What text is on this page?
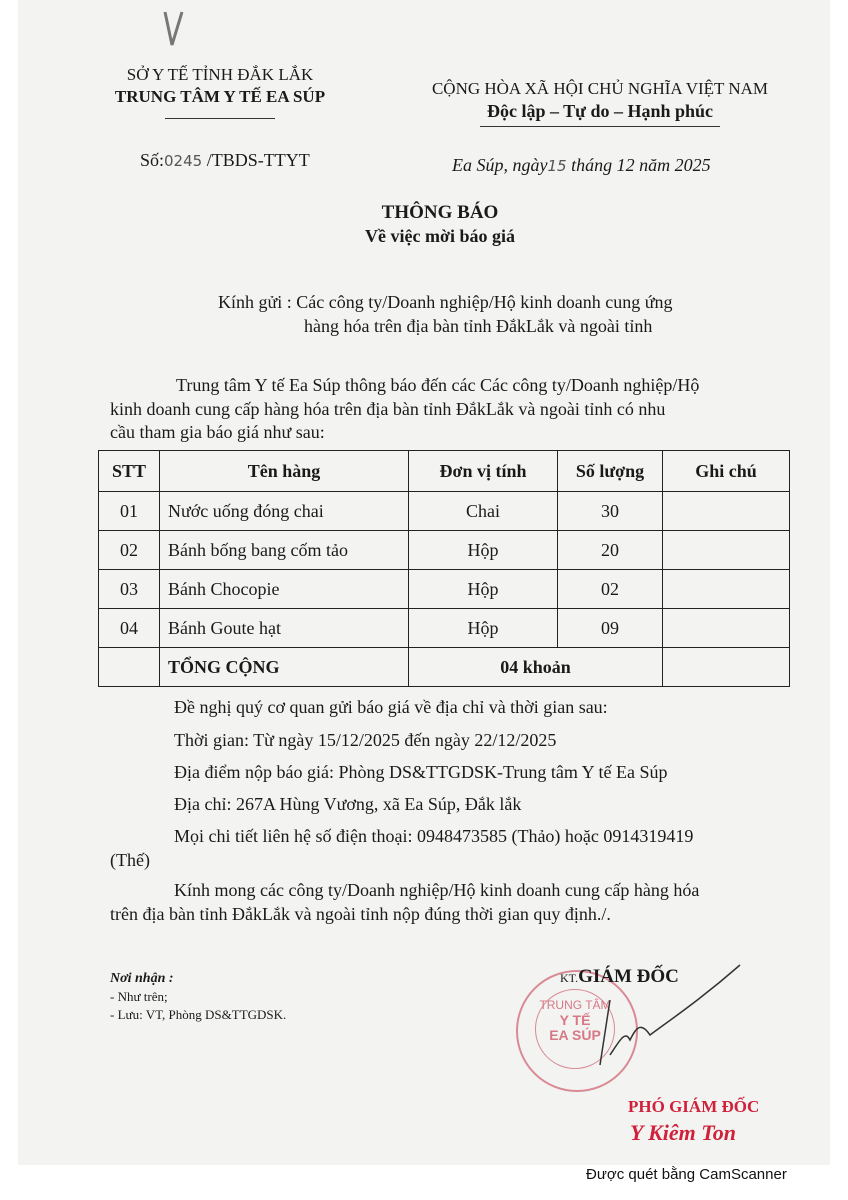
SỞ Y TẾ TỈNH ĐẮK LẮK
TRUNG TÂM Y TẾ EA SÚP	CỘNG HÒA XÃ HỘI CHỦ NGHĨA VIỆT NAM
Độc lập – Tự do – Hạnh phúc
Số:0245 /TBDS-TTYT	Ea Súp, ngày15 tháng 12 năm 2025
THÔNG BÁO
Về việc mời báo giá

Kính gửi : Các công ty/Doanh nghiệp/Hộ kinh doanh cung ứng

hàng hóa trên địa bàn tỉnh ĐắkLắk và ngoài tỉnh

Trung tâm Y tế Ea Súp thông báo đến các Các công ty/Doanh nghiệp/Hộ

kinh doanh cung cấp hàng hóa trên địa bàn tỉnh ĐắkLắk và ngoài tỉnh có nhu

cầu tham gia báo giá như sau:

STT	Tên hàng	Đơn vị tính	Số lượng	Ghi chú
01	Nước uống đóng chai	Chai	30	
02	Bánh bống bang cốm tảo	Hộp	20	
03	Bánh Chocopie	Hộp	02	
04	Bánh Goute hạt	Hộp	09	
	TỔNG CỘNG	04 khoản		

Đề nghị quý cơ quan gửi báo giá về địa chỉ và thời gian sau:

Thời gian: Từ ngày 15/12/2025 đến ngày 22/12/2025

Địa điểm nộp báo giá: Phòng DS&TTGDSK-Trung tâm Y tế Ea Súp

Địa chỉ: 267A Hùng Vương, xã Ea Súp, Đắk lắk

Mọi chi tiết liên hệ số điện thoại: 0948473585 (Thảo) hoặc 0914319419

(Thế)

Kính mong các công ty/Doanh nghiệp/Hộ kinh doanh cung cấp hàng hóa

trên địa bàn tỉnh ĐắkLắk và ngoài tỉnh nộp đúng thời gian quy định./.

Nơi nhận :
- Như trên;
- Lưu: VT, Phòng DS&TTGDSK.
TRUNG TÂM
Y TẾ
EA SÚP
KT.GIÁM ĐỐC
PHÓ GIÁM ĐỐC
Y Kiêm Ton
Được quét bằng CamScanner
